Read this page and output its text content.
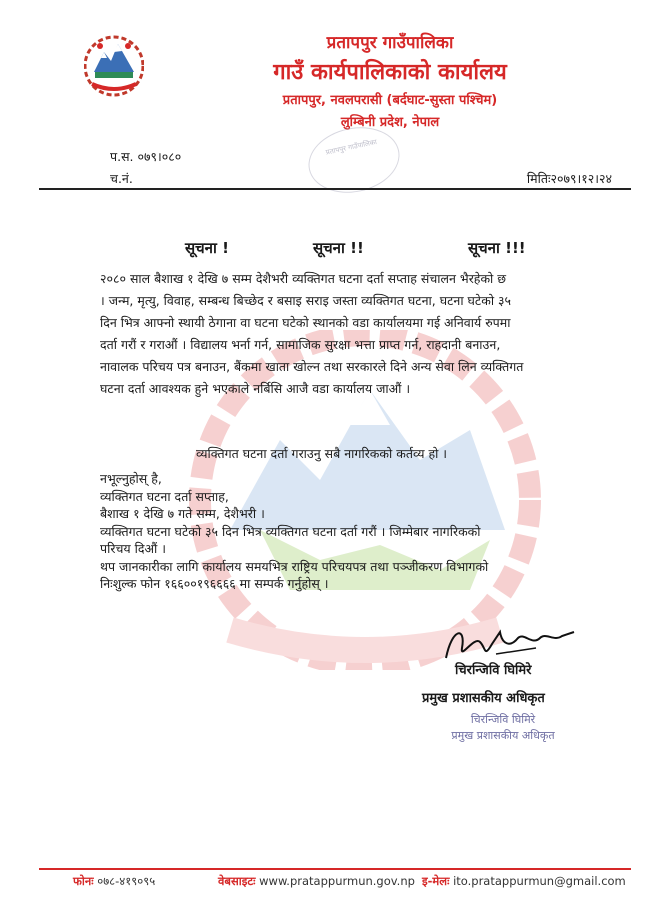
प्रतापपुर गाउँपालिका
गाउँ कार्यपालिकाको कार्यालय
प्रतापपुर, नवलपरासी (बर्दघाट-सुस्ता पश्चिम)
लुम्बिनी प्रदेश, नेपाल
प्रतापपुर गाउँपालिका
प.स. ०७९।०८०
च.नं.	मितिः२०७९।१२।२४
सूचना !	सूचना !!	सूचना !!!
२०८० साल बैशाख १ देखि ७ सम्म देशैभरी व्यक्तिगत घटना दर्ता सप्ताह संचालन भैरहेको छ
। जन्म, मृत्यु, विवाह, सम्बन्ध बिच्छेद र बसाइ सराइ जस्ता व्यक्तिगत घटना, घटना घटेको ३५
दिन भित्र आफ्नो स्थायी ठेगाना वा घटना घटेको स्थानको वडा कार्यालयमा गई अनिवार्य रुपमा
दर्ता गरौं र गराऔं । विद्यालय भर्ना गर्न, सामाजिक सुरक्षा भत्ता प्राप्त गर्न, राहदानी बनाउन,
नावालक परिचय पत्र बनाउन, बैंकमा खाता खोल्न तथा सरकारले दिने अन्य सेवा लिन व्यक्तिगत
घटना दर्ता आवश्यक हुने भएकाले नर्बिसि आजै वडा कार्यालय जाऔं ।
व्यक्तिगत घटना दर्ता गराउनु सबै नागरिकको कर्तव्य हो ।
नभूल्नुहोस् है,
व्यक्तिगत घटना दर्ता सप्ताह,
बैशाख १ देखि ७ गते सम्म, देशैभरी ।
व्यक्तिगत घटना घटेको ३५ दिन भित्र व्यक्तिगत घटना दर्ता गरौं । जिम्मेबार नागरिकको
परिचय दिऔं ।
थप जानकारीका लागि कार्यालय समयभित्र राष्ट्रिय परिचयपत्र तथा पञ्जीकरण विभागको
निःशुल्क फोन १६६००१९६६६६ मा सम्पर्क गर्नुहोस् ।
चिरन्जिवि घिमिरे
प्रमुख प्रशासकीय अधिकृत
चिरन्जिवि घिमिरे
प्रमुख प्रशासकीय अधिकृत
फोनः ०७८-४१९०९५	वेबसाइटः www.pratappurmun.gov.np इ-मेलः ito.pratappurmun@gmail.com
